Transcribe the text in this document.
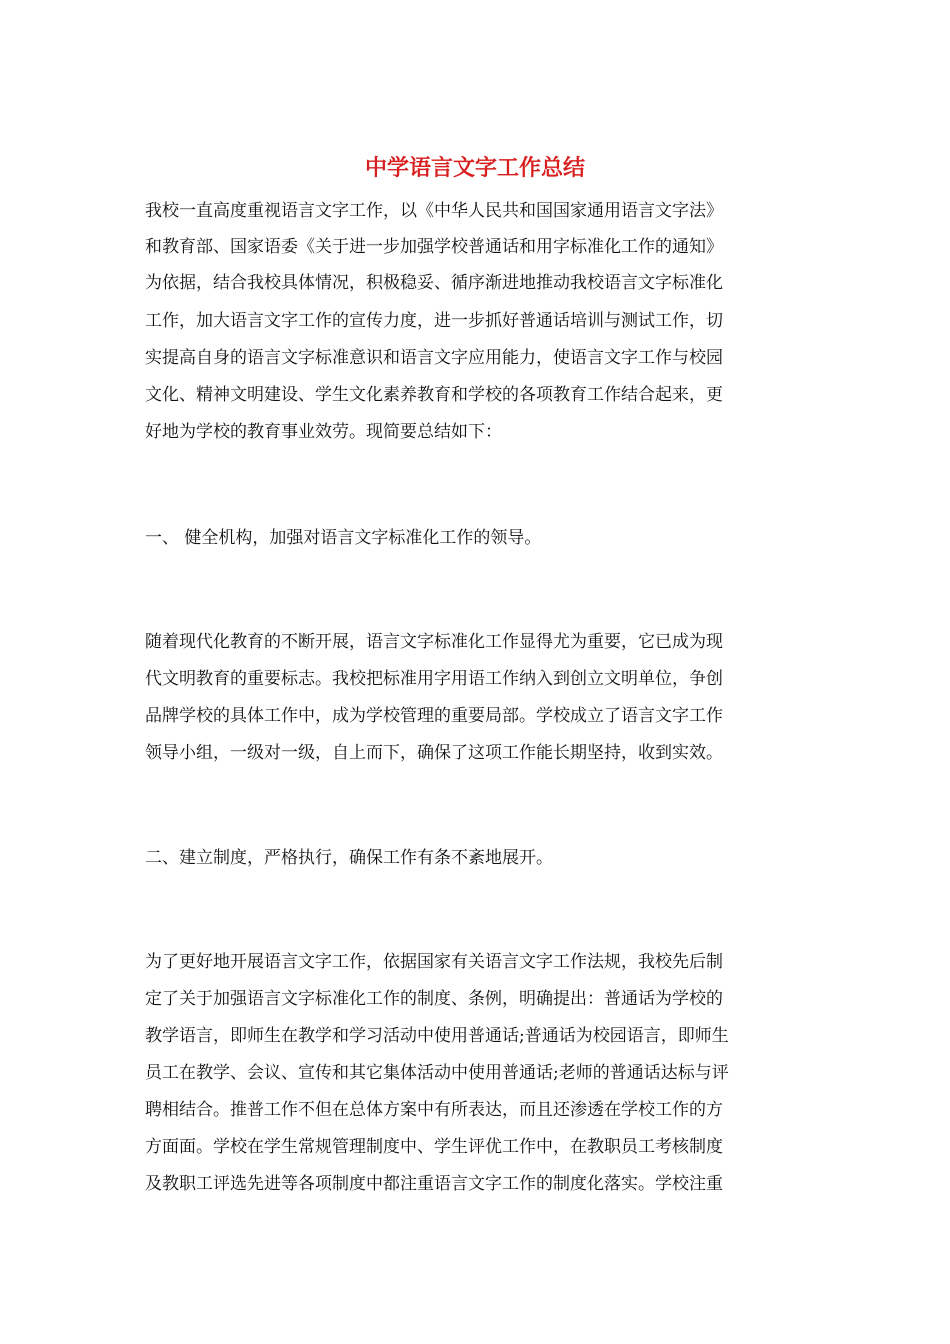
中学语言文字工作总结

我校一直高度重视语言文字工作，以《中华人民共和国国家通用语言文字法》

和教育部、国家语委《关于进一步加强学校普通话和用字标准化工作的通知》

为依据，结合我校具体情况，积极稳妥、循序渐进地推动我校语言文字标准化

工作，加大语言文字工作的宣传力度，进一步抓好普通话培训与测试工作，切

实提高自身的语言文字标准意识和语言文字应用能力，使语言文字工作与校园

文化、精神文明建设、学生文化素养教育和学校的各项教育工作结合起来，更

好地为学校的教育事业效劳。现简要总结如下：

一、 健全机构，加强对语言文字标准化工作的领导。

随着现代化教育的不断开展，语言文字标准化工作显得尤为重要，它已成为现

代文明教育的重要标志。我校把标准用字用语工作纳入到创立文明单位，争创

品牌学校的具体工作中，成为学校管理的重要局部。学校成立了语言文字工作

领导小组，一级对一级，自上而下，确保了这项工作能长期坚持，收到实效。

二、建立制度，严格执行，确保工作有条不紊地展开。

为了更好地开展语言文字工作，依据国家有关语言文字工作法规，我校先后制

定了关于加强语言文字标准化工作的制度、条例，明确提出：普通话为学校的

教学语言，即师生在教学和学习活动中使用普通话;普通话为校园语言，即师生

员工在教学、会议、宣传和其它集体活动中使用普通话;老师的普通话达标与评

聘相结合。推普工作不但在总体方案中有所表达，而且还渗透在学校工作的方

方面面。学校在学生常规管理制度中、学生评优工作中，在教职员工考核制度

及教职工评选先进等各项制度中都注重语言文字工作的制度化落实。学校注重
